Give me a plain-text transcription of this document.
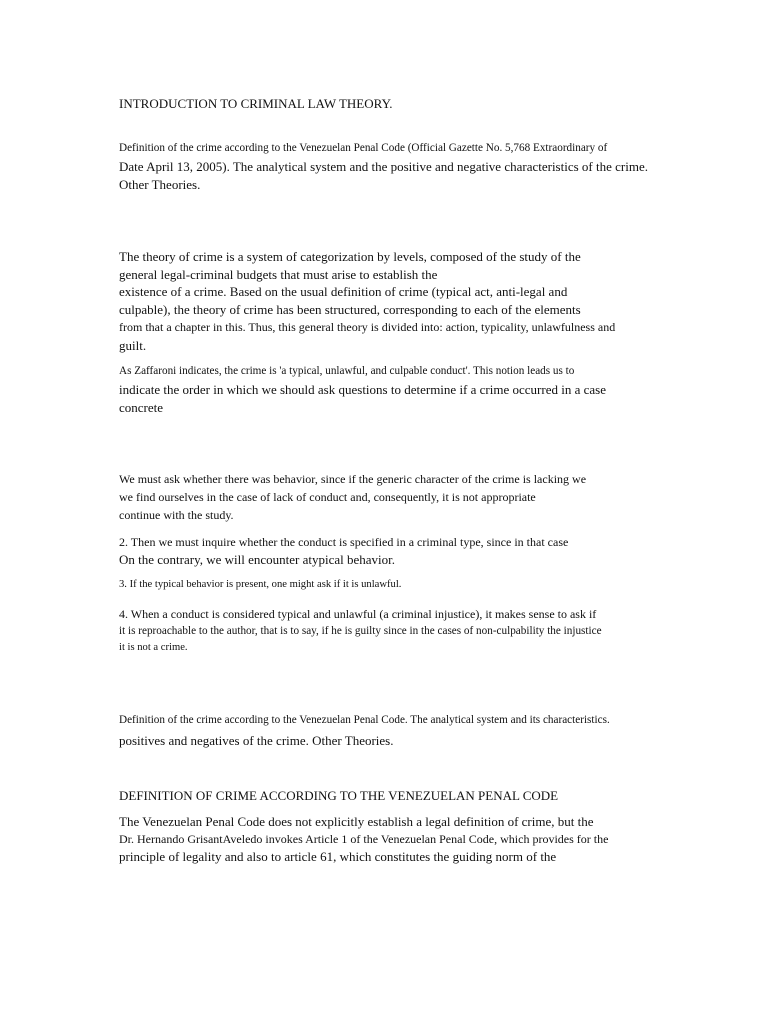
INTRODUCTION TO CRIMINAL LAW THEORY.
Definition of the crime according to the Venezuelan Penal Code (Official Gazette No. 5,768 Extraordinary of
Date April 13, 2005). The analytical system and the positive and negative characteristics of the crime.
Other Theories.
The theory of crime is a system of categorization by levels, composed of the study of the
general legal-criminal budgets that must arise to establish the
existence of a crime. Based on the usual definition of crime (typical act, anti-legal and
culpable), the theory of crime has been structured, corresponding to each of the elements
from that a chapter in this. Thus, this general theory is divided into: action, typicality, unlawfulness and
guilt.
As Zaffaroni indicates, the crime is 'a typical, unlawful, and culpable conduct'. This notion leads us to
indicate the order in which we should ask questions to determine if a crime occurred in a case
concrete
We must ask whether there was behavior, since if the generic character of the crime is lacking we
we find ourselves in the case of lack of conduct and, consequently, it is not appropriate
continue with the study.
2. Then we must inquire whether the conduct is specified in a criminal type, since in that case
On the contrary, we will encounter atypical behavior.
3. If the typical behavior is present, one might ask if it is unlawful.
4. When a conduct is considered typical and unlawful (a criminal injustice), it makes sense to ask if
it is reproachable to the author, that is to say, if he is guilty since in the cases of non-culpability the injustice
it is not a crime.
Definition of the crime according to the Venezuelan Penal Code. The analytical system and its characteristics.
positives and negatives of the crime. Other Theories.
DEFINITION OF CRIME ACCORDING TO THE VENEZUELAN PENAL CODE
The Venezuelan Penal Code does not explicitly establish a legal definition of crime, but the
Dr. Hernando GrisantAveledo invokes Article 1 of the Venezuelan Penal Code, which provides for the
principle of legality and also to article 61, which constitutes the guiding norm of the
